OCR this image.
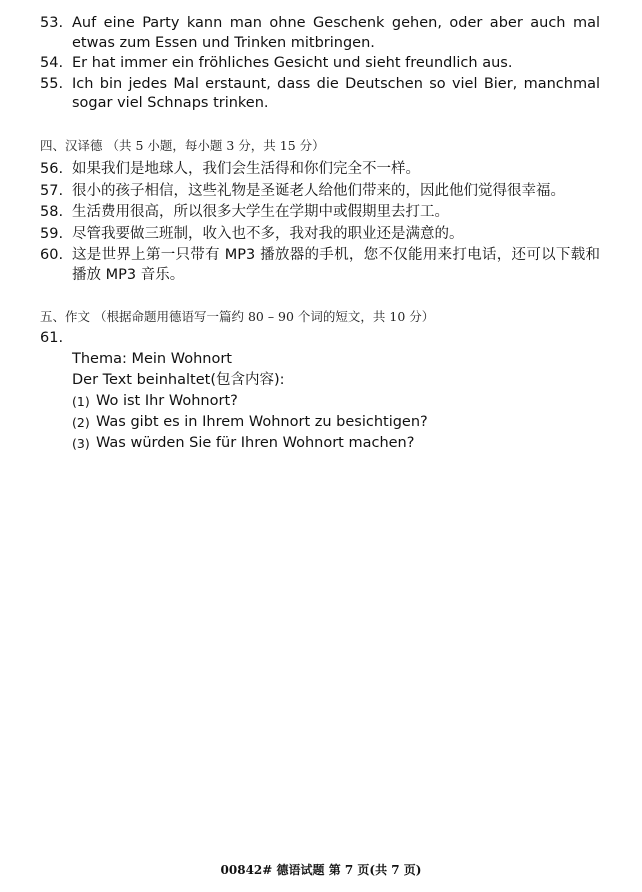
53. Auf eine Party kann man ohne Geschenk gehen, oder aber auch mal etwas zum Essen und Trinken mitbringen.
54. Er hat immer ein fröhliches Gesicht und sieht freundlich aus.
55. Ich bin jedes Mal erstaunt, dass die Deutschen so viel Bier, manchmal sogar viel Schnaps trinken.
四、汉译德 （共 5 小题，每小题 3 分，共 15 分）
56. 如果我们是地球人，我们会生活得和你们完全不一样。
57. 很小的孩子相信，这些礼物是圣诞老人给他们带来的，因此他们觉得很幸福。
58. 生活费用很高，所以很多大学生在学期中或假期里去打工。
59. 尽管我要做三班制，收入也不多，我对我的职业还是满意的。
60. 这是世界上第一只带有 MP3 播放器的手机，您不仅能用来打电话，还可以下载和播放 MP3 音乐。
五、作文 （根据命题用德语写一篇约 80 – 90 个词的短文，共 10 分）
61.

Thema: Mein Wohnort
Der Text beinhaltet(包含内容):
(1) Wo ist Ihr Wohnort?
(2) Was gibt es in Ihrem Wohnort zu besichtigen?
(3) Was würden Sie für Ihren Wohnort machen?
00842# 德语试题 第 7 页(共 7 页)
